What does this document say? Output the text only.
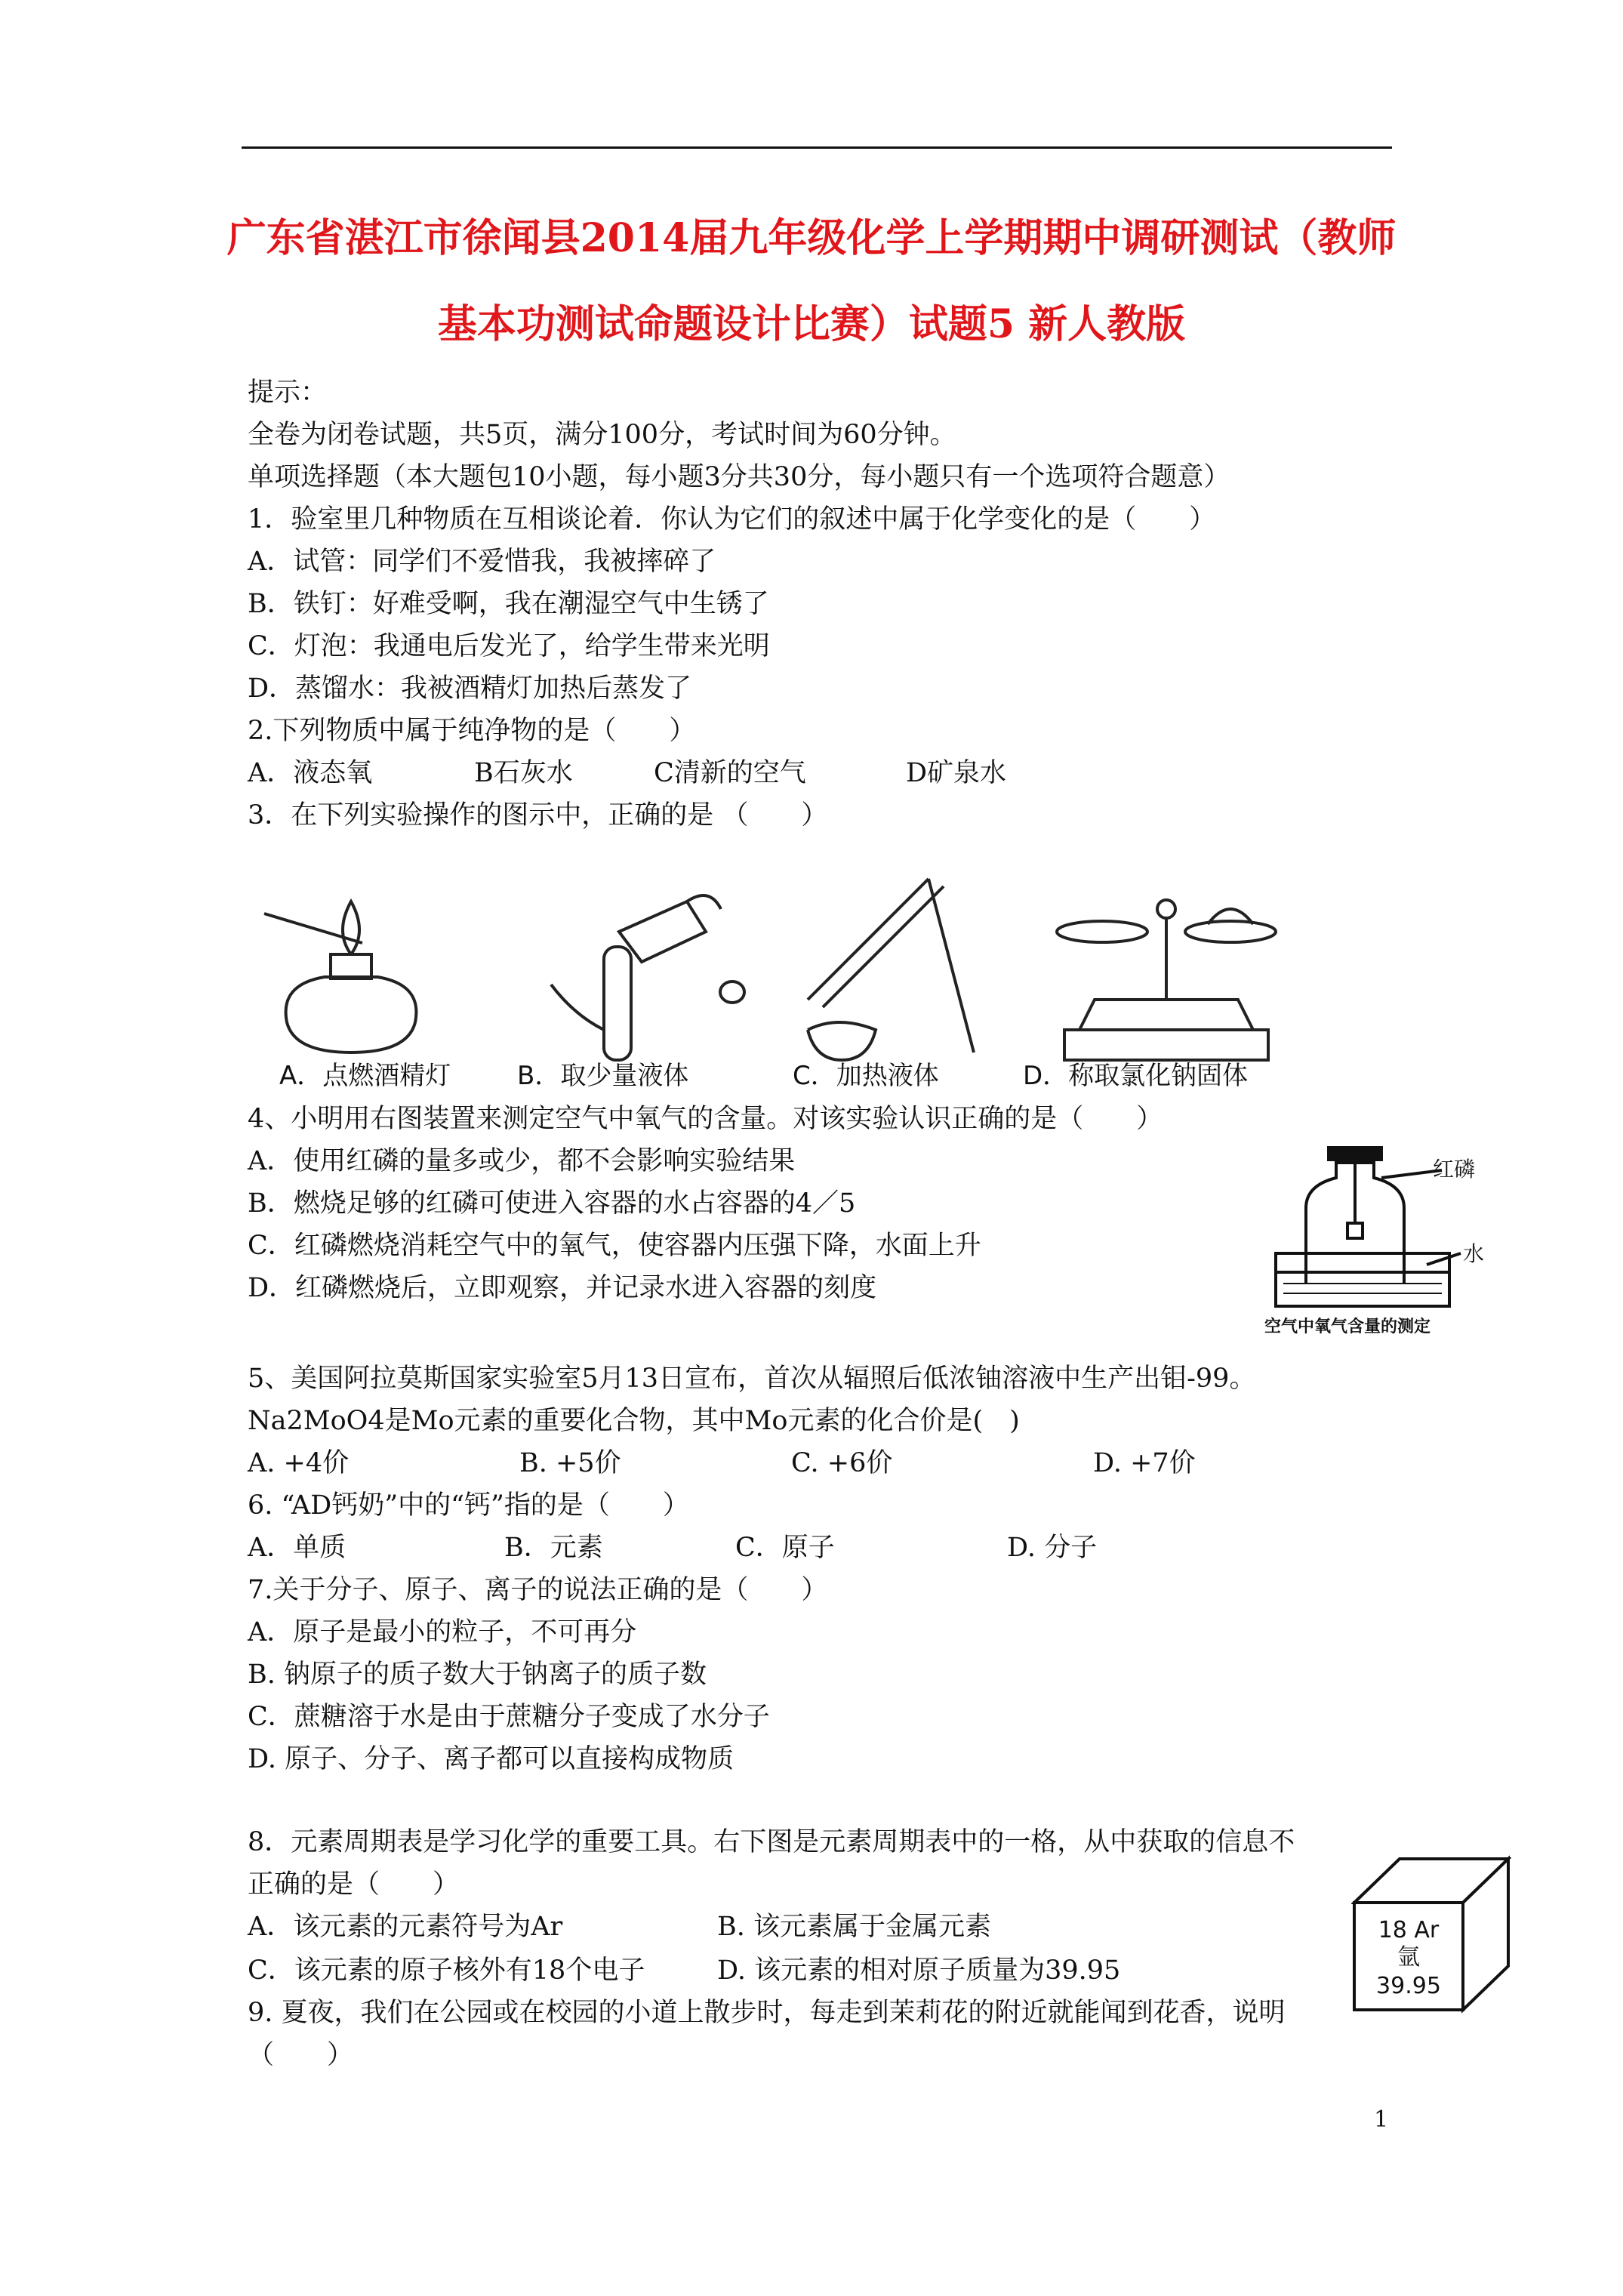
广东省湛江市徐闻县2014届九年级化学上学期期中调研测试（教师
基本功测试命题设计比赛）试题5 新人教版
提示：
全卷为闭卷试题，共5页，满分100分，考试时间为60分钟。
单项选择题（本大题包10小题，每小题3分共30分，每小题只有一个选项符合题意）
1．验室里几种物质在互相谈论着．你认为它们的叙述中属于化学变化的是（　　）
A．试管：同学们不爱惜我，我被摔碎了
B．铁钉：好难受啊，我在潮湿空气中生锈了
C．灯泡：我通电后发光了，给学生带来光明
D．蒸馏水：我被酒精灯加热后蒸发了
2.下列物质中属于纯净物的是（　　）
A．液态氧	B石灰水	C清新的空气	D矿泉水
3．在下列实验操作的图示中，正确的是 （　　）
A．点燃酒精灯	B．取少量液体	C．加热液体	D．称取氯化钠固体
4、小明用右图装置来测定空气中氧气的含量。对该实验认识正确的是（　　）
A．使用红磷的量多或少，都不会影响实验结果
B．燃烧足够的红磷可使进入容器的水占容器的4／5
C．红磷燃烧消耗空气中的氧气，使容器内压强下降，水面上升
D．红磷燃烧后，立即观察，并记录水进入容器的刻度
红磷
水
空气中氧气含量的测定
5、美国阿拉莫斯国家实验室5月13日宣布，首次从辐照后低浓铀溶液中生产出钼-99。
Na2MoO4是Mo元素的重要化合物，其中Mo元素的化合价是(　)
A. +4价	B. +5价	C. +6价	D. +7价
6. “AD钙奶”中的“钙”指的是（　　）
A．单质	B．元素	C．原子	D. 分子
7.关于分子、原子、离子的说法正确的是（　　）
A．原子是最小的粒子，不可再分
B. 钠原子的质子数大于钠离子的质子数
C．蔗糖溶于水是由于蔗糖分子变成了水分子
D. 原子、分子、离子都可以直接构成物质
8．元素周期表是学习化学的重要工具。右下图是元素周期表中的一格，从中获取的信息不
正确的是（　　）
A．该元素的元素符号为Ar	B. 该元素属于金属元素
C．该元素的原子核外有18个电子	D. 该元素的相对原子质量为39.95
18 Ar
氩
39.95
9. 夏夜，我们在公园或在校园的小道上散步时，每走到茉莉花的附近就能闻到花香，说明
（　　）
1
